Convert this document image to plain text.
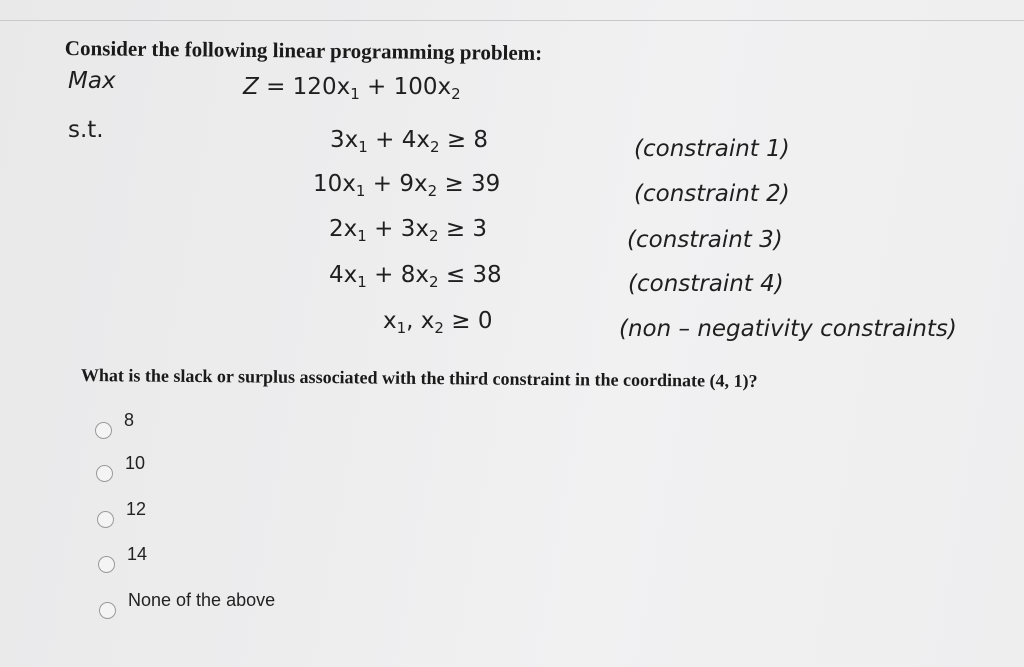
Consider the following linear programming problem:
Max
s.t.
$Z = 120x_1 + 100x_2$
$3x_1 + 4x_2 \ge 8$	(constraint 1)
$10x_1 + 9x_2 \ge 39$	(constraint 2)
$2x_1 + 3x_2 \ge 3$	(constraint 3)
$4x_1 + 8x_2 \le 38$	(constraint 4)
$x_1$, $x_2 \ge 0$	(non – negativity constraints)
What is the slack or surplus associated with the third constraint in the coordinate (4, 1)?
8
10
12
14
None of the above
